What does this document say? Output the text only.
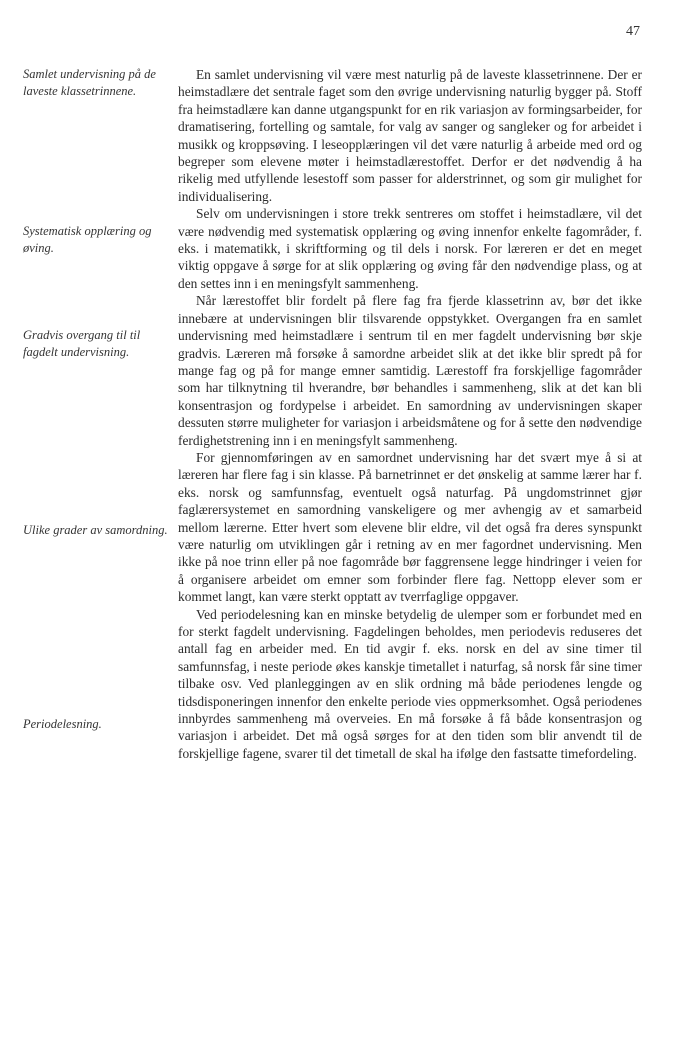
47
Samlet undervisning på de laveste klassetrinnene.
Systematisk opplæring og øving.
Gradvis overgang til til fagdelt undervisning.
Ulike grader av samordning.
Periodelesning.

En samlet undervisning vil være mest naturlig på de laveste klassetrinnene. Der er heimstadlære det sentrale faget som den øvrige undervisning naturlig bygger på. Stoff fra heimstadlære kan danne utgangspunkt for en rik variasjon av formingsarbeider, for dramatisering, fortelling og samtale, for valg av sanger og sangleker og for arbeidet i musikk og kroppsøving. I leseopplæringen vil det være naturlig å arbeide med ord og begreper som elevene møter i heimstadlærestoffet. Derfor er det nødvendig å ha rikelig med utfyllende lesestoff som passer for alderstrinnet, og som gir mulighet for individualisering.

Selv om undervisningen i store trekk sentreres om stoffet i heimstadlære, vil det være nødvendig med systematisk opplæring og øving innenfor enkelte fagområder, f. eks. i matematikk, i skriftforming og til dels i norsk. For læreren er det en meget viktig oppgave å sørge for at slik opplæring og øving får den nødvendige plass, og at den settes inn i en meningsfylt sammenheng.

Når lærestoffet blir fordelt på flere fag fra fjerde klassetrinn av, bør det ikke innebære at undervisningen blir tilsvarende oppstykket. Overgangen fra en samlet undervisning med heimstadlære i sentrum til en mer fagdelt undervisning bør skje gradvis. Læreren må forsøke å samordne arbeidet slik at det ikke blir spredt på for mange fag og på for mange emner samtidig. Lærestoff fra forskjellige fagområder som har tilknytning til hverandre, bør behandles i sammenheng, slik at det kan bli konsentrasjon og fordypelse i arbeidet. En samordning av undervisningen skaper dessuten større muligheter for variasjon i arbeidsmåtene og for å sette den nødvendige ferdighetstrening inn i en meningsfylt sammenheng.

For gjennomføringen av en samordnet undervisning har det svært mye å si at læreren har flere fag i sin klasse. På barnetrinnet er det ønskelig at samme lærer har f. eks. norsk og samfunnsfag, eventuelt også naturfag. På ungdomstrinnet gjør faglærersystemet en samordning vanskeligere og mer avhengig av et samarbeid mellom lærerne. Etter hvert som elevene blir eldre, vil det også fra deres synspunkt være naturlig om utviklingen går i retning av en mer fagordnet undervisning. Men ikke på noe trinn eller på noe fagområde bør faggrensene legge hindringer i veien for å organisere arbeidet om emner som forbinder flere fag. Nettopp elever som er kommet langt, kan være sterkt opptatt av tverrfaglige oppgaver.

Ved periodelesning kan en minske betydelig de ulemper som er forbundet med en for sterkt fagdelt undervisning. Fagdelingen beholdes, men periodevis reduseres det antall fag en arbeider med. En tid avgir f. eks. norsk en del av sine timer til samfunnsfag, i neste periode økes kanskje timetallet i naturfag, så norsk får sine timer tilbake osv. Ved planleggingen av en slik ordning må både periodenes lengde og tidsdisponeringen innenfor den enkelte periode vies oppmerksomhet. Også periodenes innbyrdes sammenheng må overveies. En må forsøke å få både konsentrasjon og variasjon i arbeidet. Det må også sørges for at den tiden som blir anvendt til de forskjellige fagene, svarer til det timetall de skal ha ifølge den fastsatte timefordeling.
